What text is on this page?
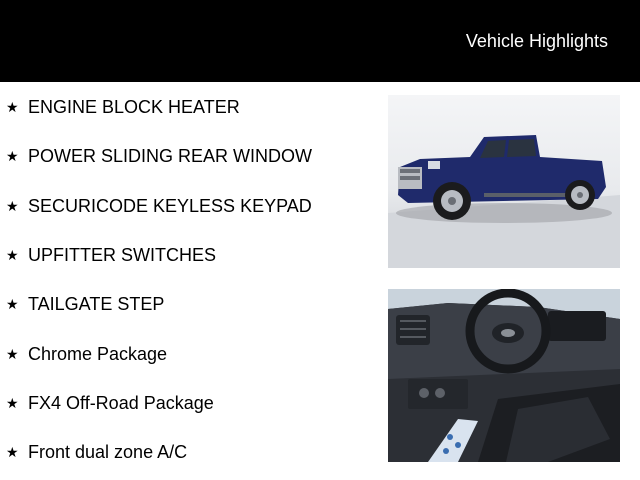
Vehicle Highlights
★ ENGINE BLOCK HEATER
★ POWER SLIDING REAR WINDOW
★ SECURICODE KEYLESS KEYPAD
★ UPFITTER SWITCHES
★ TAILGATE STEP
★ Chrome Package
★ FX4 Off-Road Package
★ Front dual zone A/C
